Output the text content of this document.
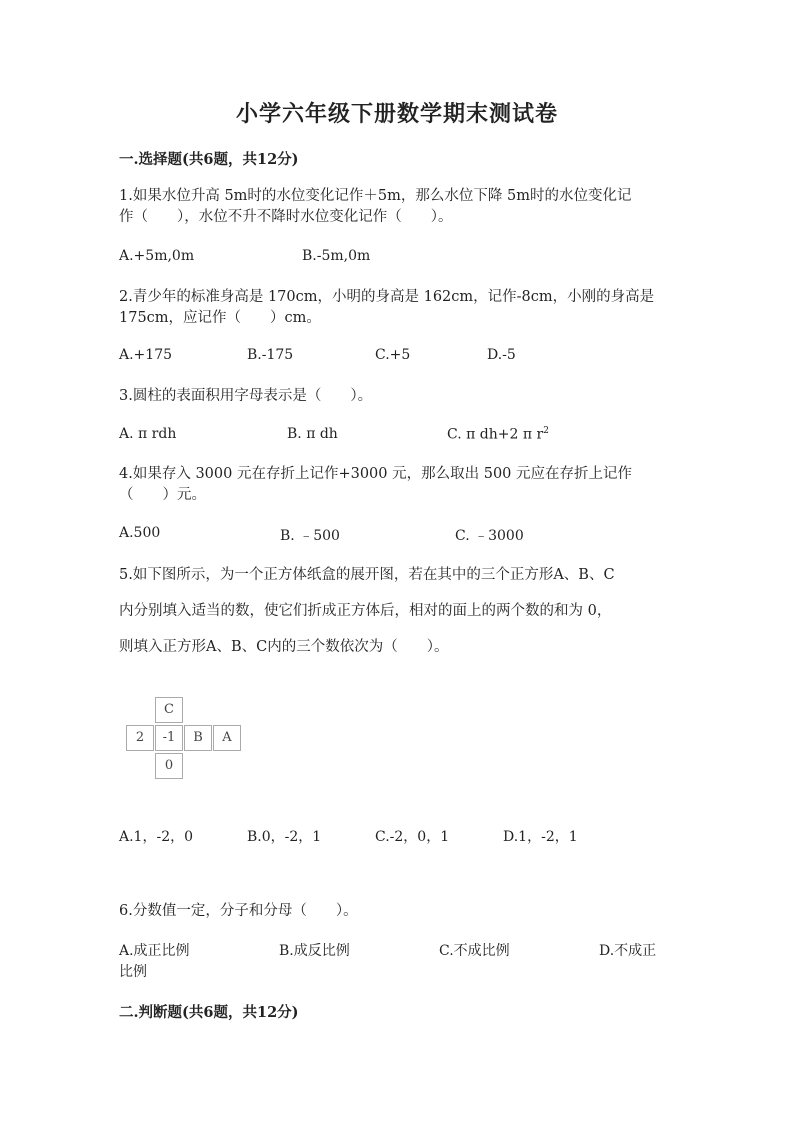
小学六年级下册数学期末测试卷
一.选择题(共6题，共12分)
1.如果水位升高 5m时的水位变化记作＋5m，那么水位下降 5m时的水位变化记
作（　　），水位不升不降时水位变化记作（　　）。
A.+5m,0m	B.-5m,0m
2.青少年的标准身高是 170cm，小明的身高是 162cm，记作-8cm，小刚的身高是
175cm，应记作（　　）cm。
A.+175	B.-175	C.+5	D.-5
3.圆柱的表面积用字母表示是（　　）。
A. π rdh	B. π dh	C. π dh+2 π $r^2$
4.如果存入 3000 元在存折上记作+3000 元，那么取出 500 元应在存折上记作
（　　）元。
A.500	B. ﹣500	C. ﹣3000
5.如下图所示，为一个正方体纸盒的展开图，若在其中的三个正方形A、B、C
内分别填入适当的数，使它们折成正方体后，相对的面上的两个数的和为 0，
则填入正方形A、B、C内的三个数依次为（　　）。
C
2	-1	B	A
0
A.1，-2，0	B.0，-2，1	C.-2，0，1	D.1，-2，1
6.分数值一定，分子和分母（　　）。
A.成正比例	B.成反比例	C.不成比例	D.不成正
比例
二.判断题(共6题，共12分)
